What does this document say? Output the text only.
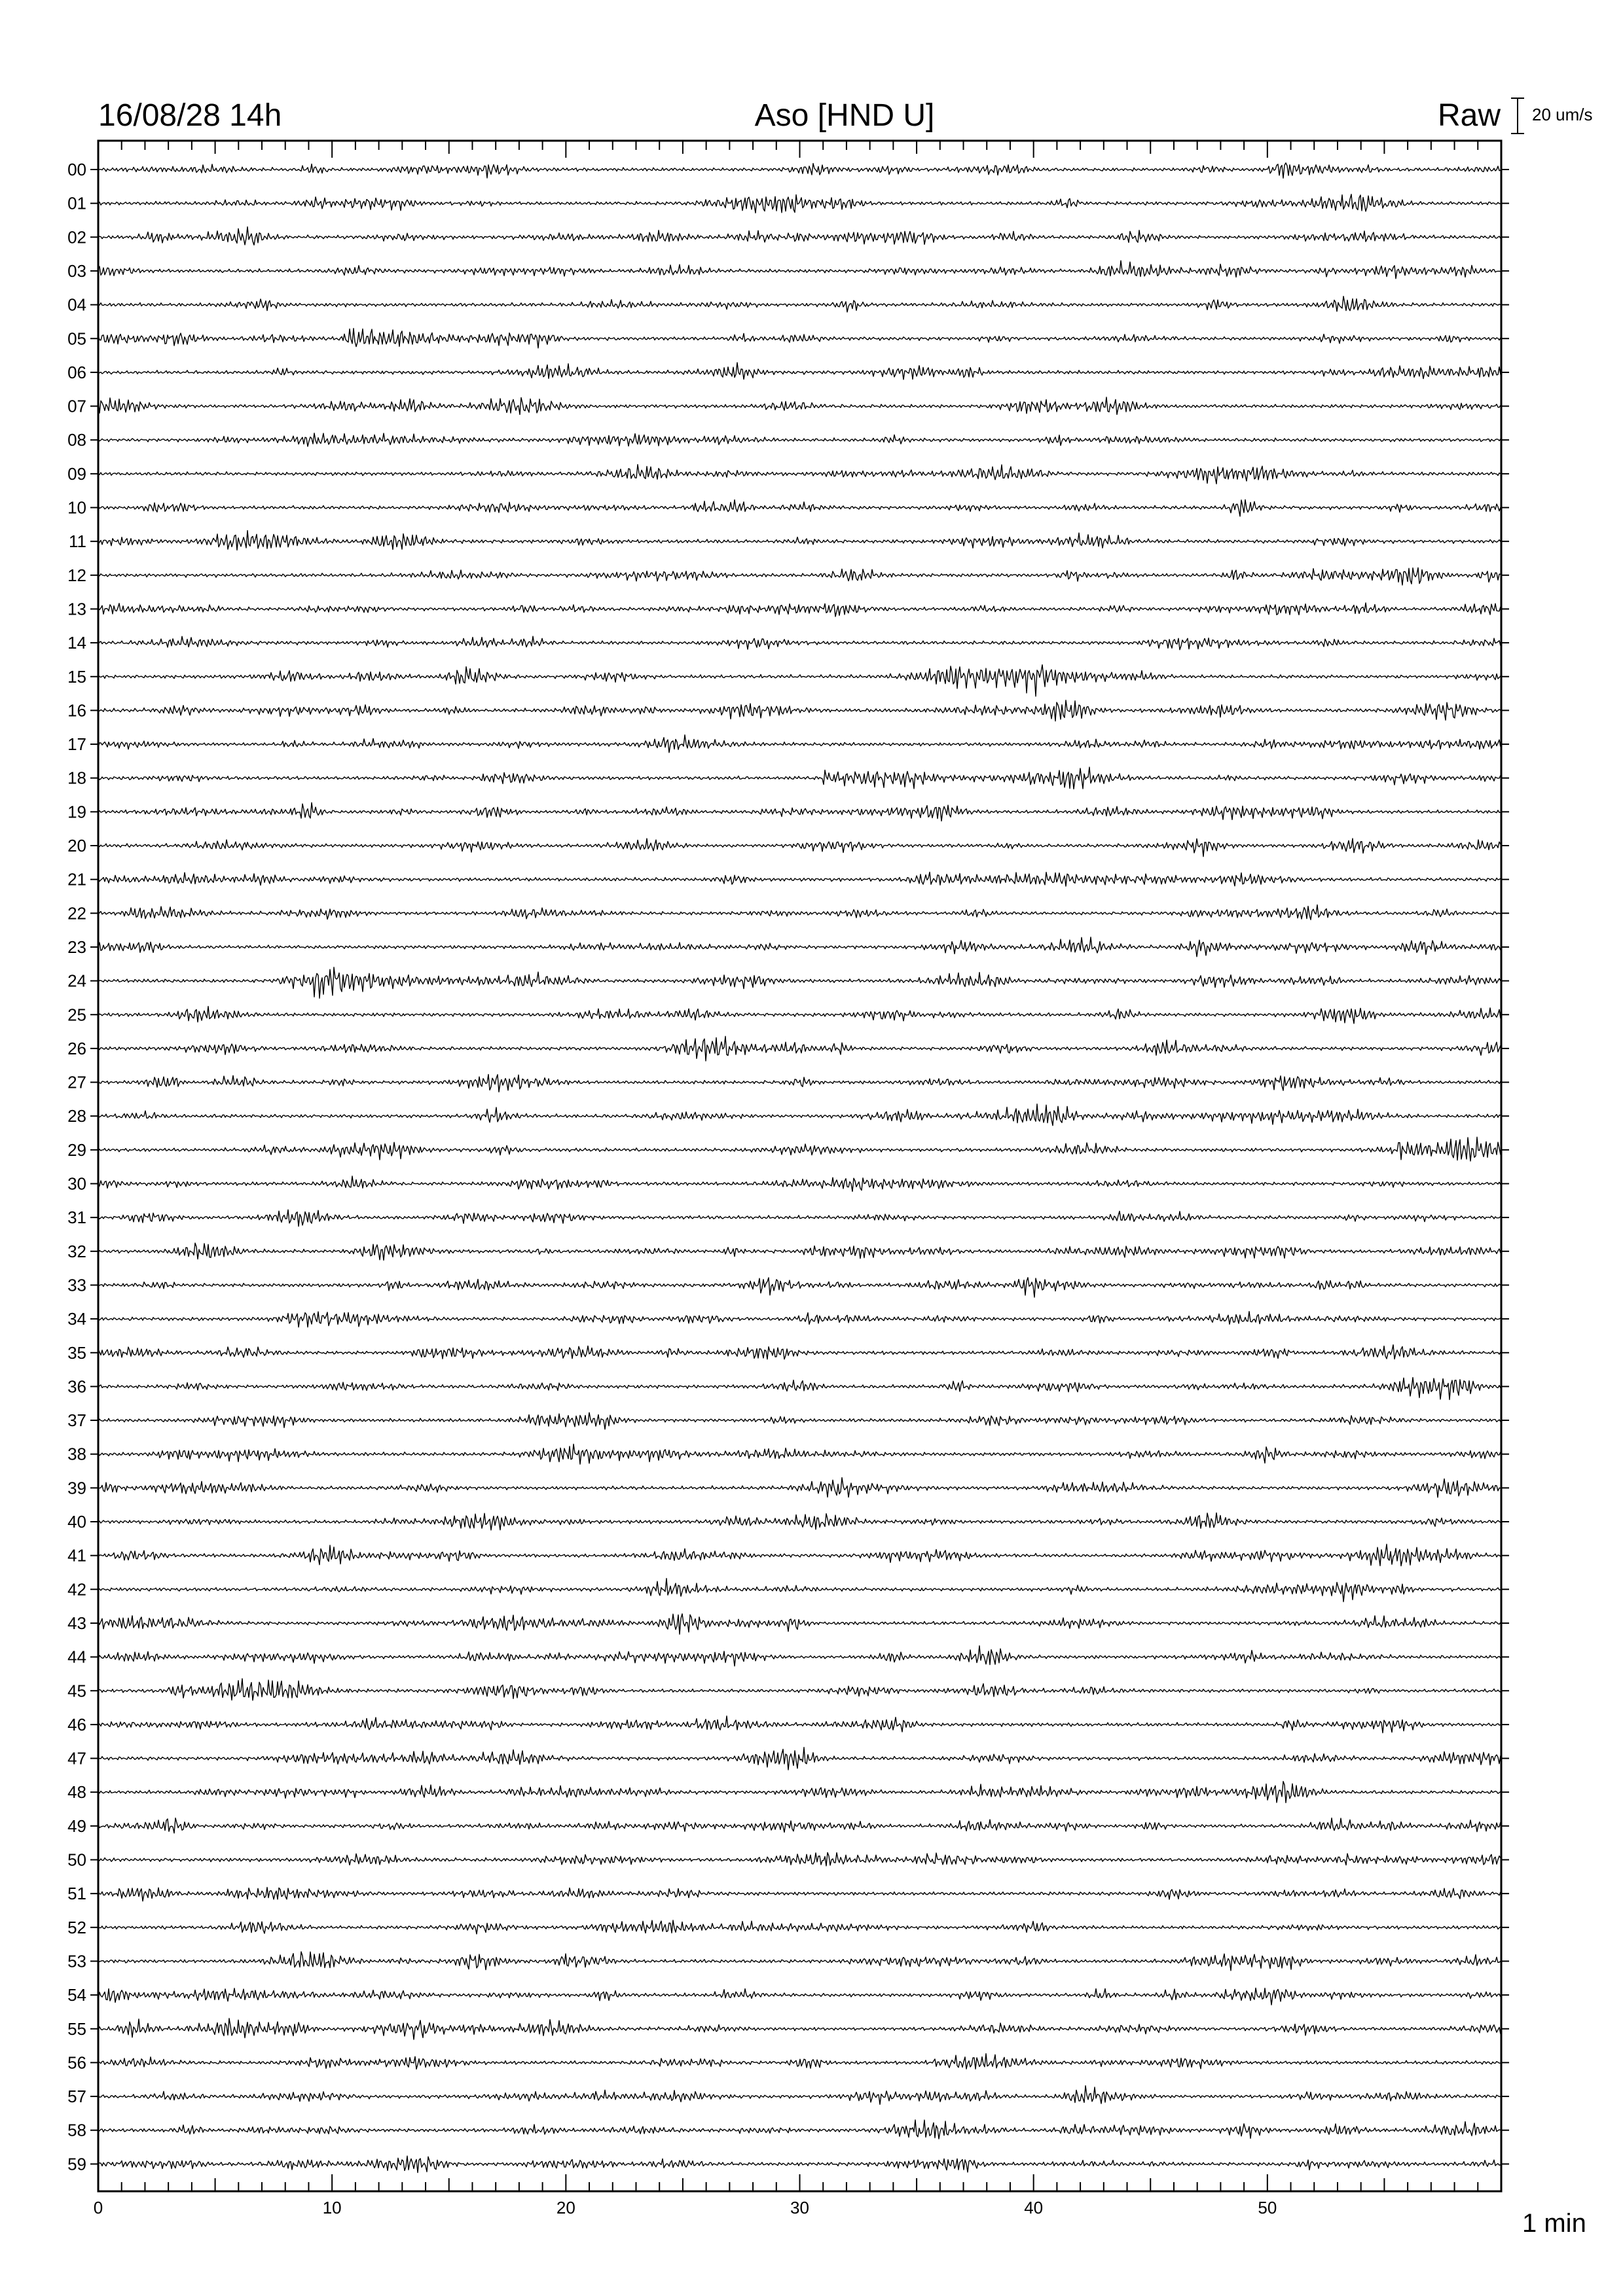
16/08/28 14h	Aso [HND U]	Raw 20 um/s
00
01
02
03
04
05
06
07
08
09
10
11
12
13
14
15
16
17
18
19
20
21
22
23
24
25
26
27
28
29
30
31
32
33
34
35
36
37
38
39
40
41
42
43
44
45
46
47
48
49
50
51
52
53
54
55
56
57
58
59
0	10	20	30	40	50
1 min
